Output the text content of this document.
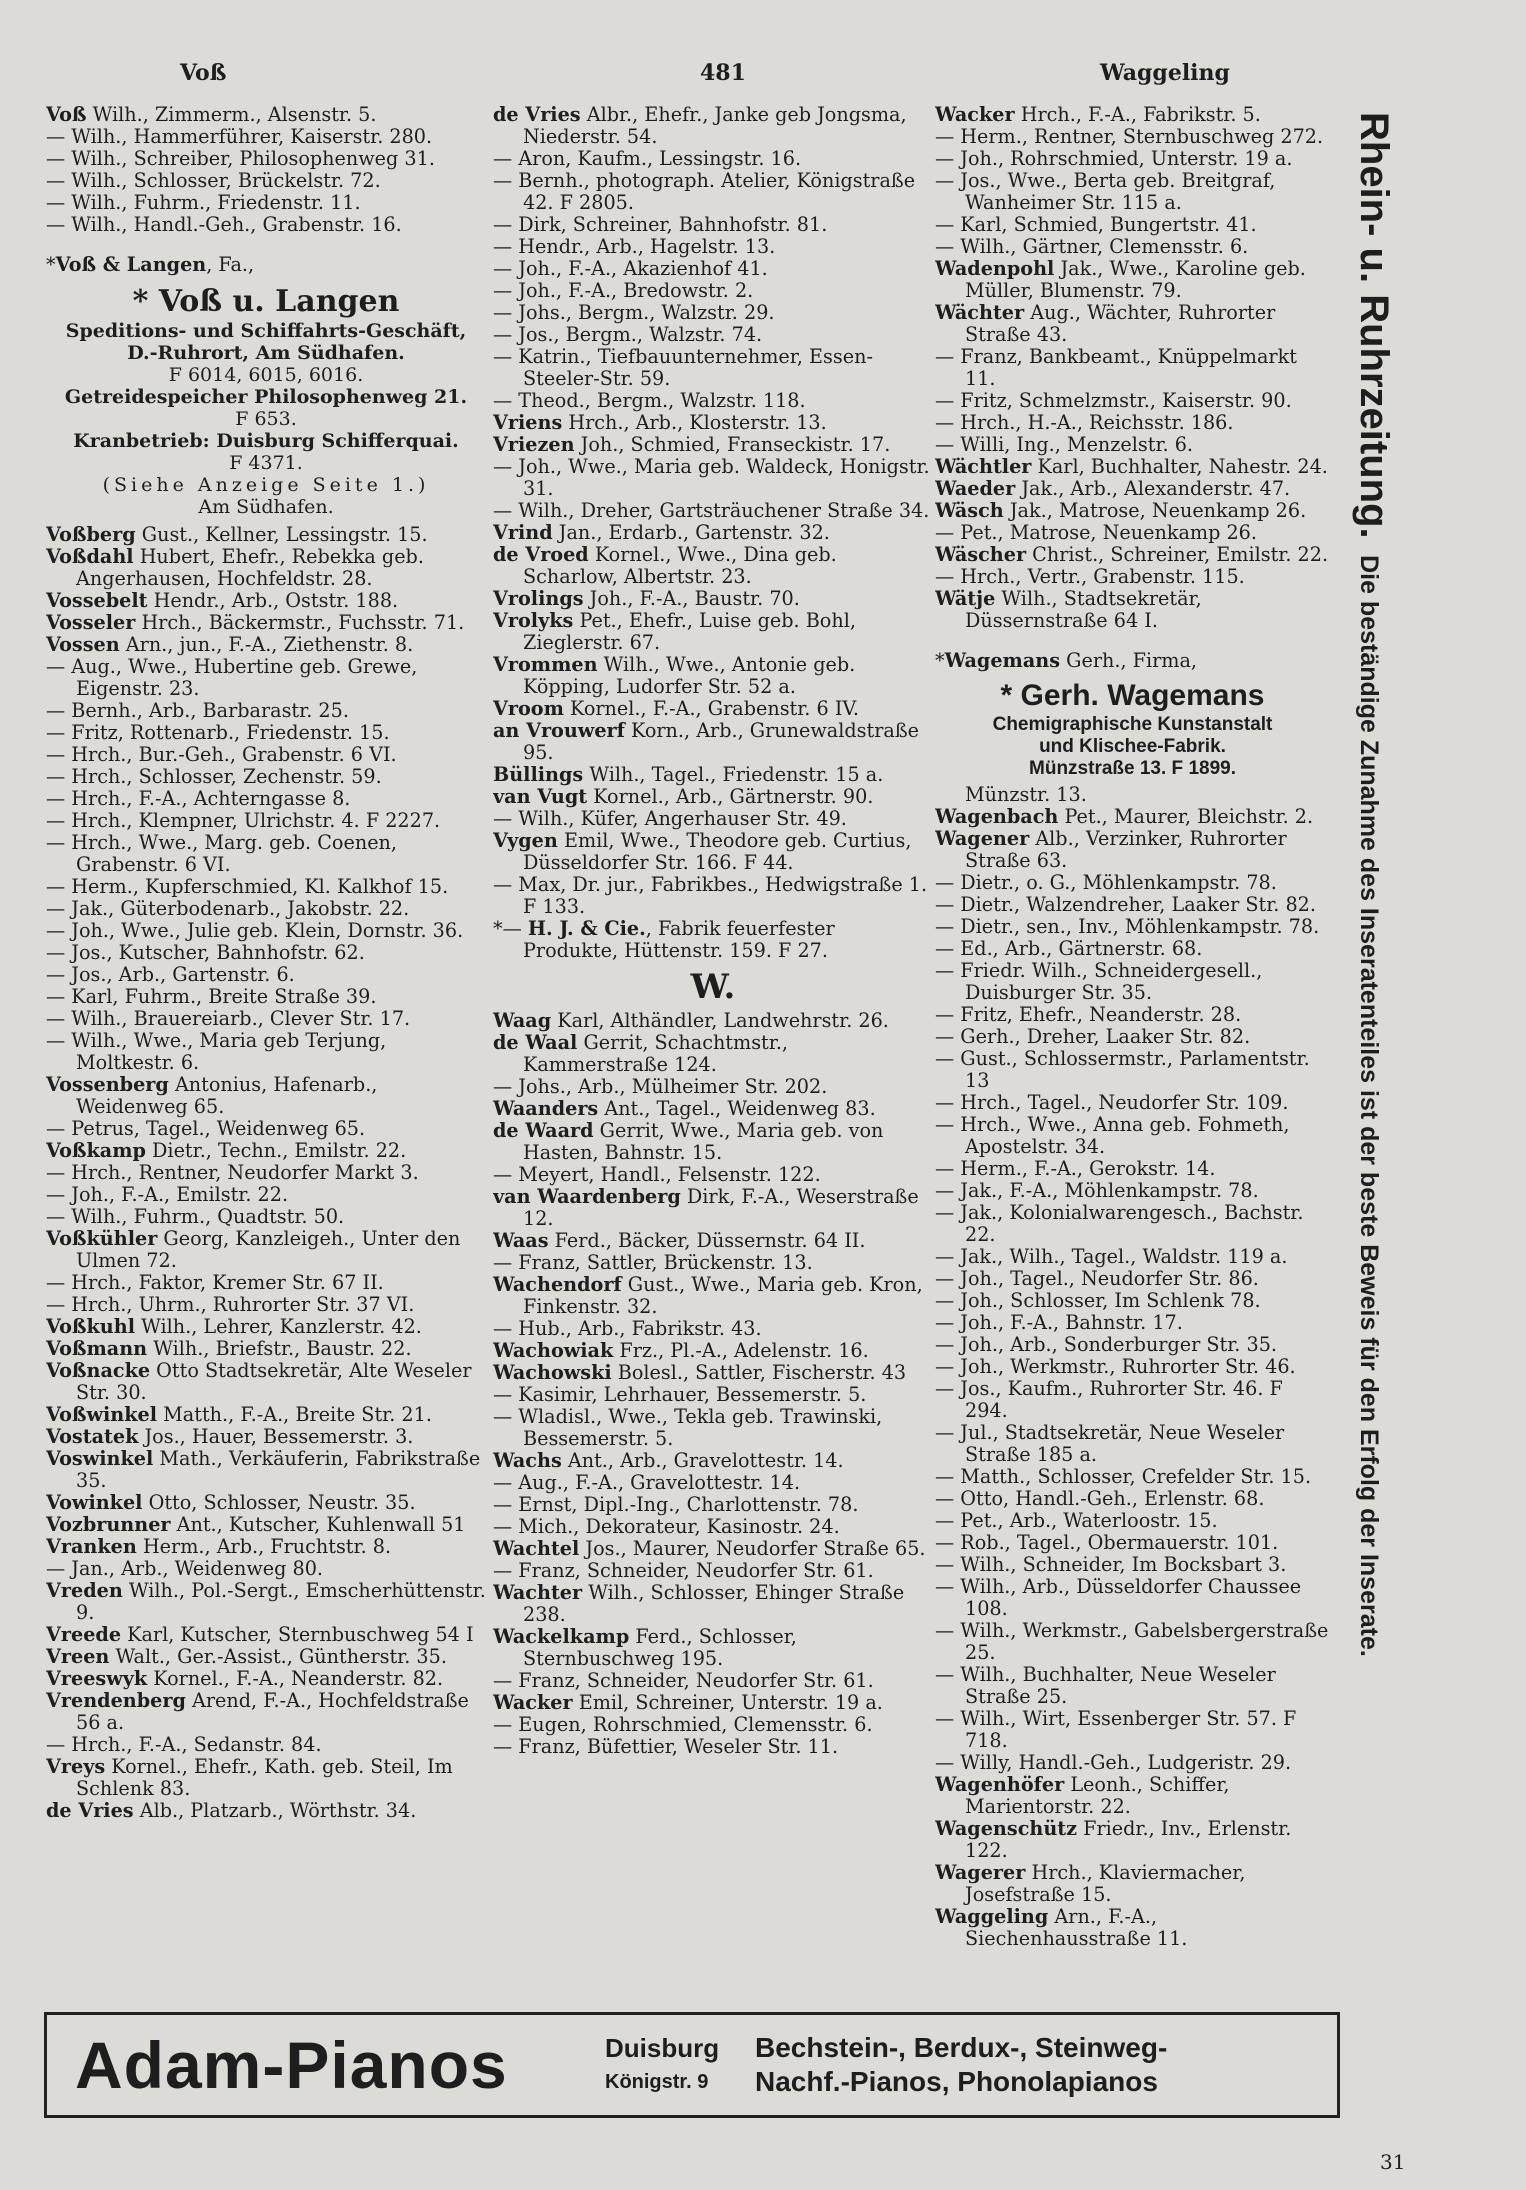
Voß	481	Waggeling

Voß Wilh., Zimmerm., Alsenstr. 5.

— Wilh., Hammerführer, Kaiserstr. 280.

— Wilh., Schreiber, Philosophenweg 31.

— Wilh., Schlosser, Brückelstr. 72.

— Wilh., Fuhrm., Friedenstr. 11.

— Wilh., Handl.-Geh., Grabenstr. 16.

*Voß & Langen, Fa.,

* Voß u. Langen
Speditions- und Schiffahrts-Geschäft,
D.-Ruhrort, Am Südhafen.
F 6014, 6015, 6016.
Getreidespeicher Philosophenweg 21.
F 653.
Kranbetrieb: Duisburg Schifferquai.
F 4371.
(Siehe Anzeige Seite 1.)
Am Südhafen.

Voßberg Gust., Kellner, Lessingstr. 15.

Voßdahl Hubert, Ehefr., Rebekka geb. Angerhausen, Hochfeldstr. 28.

Vossebelt Hendr., Arb., Oststr. 188.

Vosseler Hrch., Bäckermstr., Fuchsstr. 71.

Vossen Arn., jun., F.-A., Ziethenstr. 8.

— Aug., Wwe., Hubertine geb. Grewe, Eigenstr. 23.

— Bernh., Arb., Barbarastr. 25.

— Fritz, Rottenarb., Friedenstr. 15.

— Hrch., Bur.-Geh., Grabenstr. 6 VI.

— Hrch., Schlosser, Zechenstr. 59.

— Hrch., F.-A., Achterngasse 8.

— Hrch., Klempner, Ulrichstr. 4. F 2227.

— Hrch., Wwe., Marg. geb. Coenen, Grabenstr. 6 VI.

— Herm., Kupferschmied, Kl. Kalkhof 15.

— Jak., Güterbodenarb., Jakobstr. 22.

— Joh., Wwe., Julie geb. Klein, Dornstr. 36.

— Jos., Kutscher, Bahnhofstr. 62.

— Jos., Arb., Gartenstr. 6.

— Karl, Fuhrm., Breite Straße 39.

— Wilh., Brauereiarb., Clever Str. 17.

— Wilh., Wwe., Maria geb Terjung, Moltkestr. 6.

Vossenberg Antonius, Hafenarb., Weidenweg 65.

— Petrus, Tagel., Weidenweg 65.

Voßkamp Dietr., Techn., Emilstr. 22.

— Hrch., Rentner, Neudorfer Markt 3.

— Joh., F.-A., Emilstr. 22.

— Wilh., Fuhrm., Quadtstr. 50.

Voßkühler Georg, Kanzleigeh., Unter den Ulmen 72.

— Hrch., Faktor, Kremer Str. 67 II.

— Hrch., Uhrm., Ruhrorter Str. 37 VI.

Voßkuhl Wilh., Lehrer, Kanzlerstr. 42.

Voßmann Wilh., Briefstr., Baustr. 22.

Voßnacke Otto Stadtsekretär, Alte Weseler Str. 30.

Voßwinkel Matth., F.-A., Breite Str. 21.

Vostatek Jos., Hauer, Bessemerstr. 3.

Voswinkel Math., Verkäuferin, Fabrikstraße 35.

Vowinkel Otto, Schlosser, Neustr. 35.

Vozbrunner Ant., Kutscher, Kuhlenwall 51

Vranken Herm., Arb., Fruchtstr. 8.

— Jan., Arb., Weidenweg 80.

Vreden Wilh., Pol.-Sergt., Emscherhüttenstr. 9.

Vreede Karl, Kutscher, Sternbuschweg 54 I

Vreen Walt., Ger.-Assist., Güntherstr. 35.

Vreeswyk Kornel., F.-A., Neanderstr. 82.

Vrendenberg Arend, F.-A., Hochfeldstraße 56 a.

— Hrch., F.-A., Sedanstr. 84.

Vreys Kornel., Ehefr., Kath. geb. Steil, Im Schlenk 83.

de Vries Alb., Platzarb., Wörthstr. 34.

de Vries Albr., Ehefr., Janke geb Jongsma, Niederstr. 54.

— Aron, Kaufm., Lessingstr. 16.

— Bernh., photograph. Atelier, Königstraße 42. F 2805.

— Dirk, Schreiner, Bahnhofstr. 81.

— Hendr., Arb., Hagelstr. 13.

— Joh., F.-A., Akazienhof 41.

— Joh., F.-A., Bredowstr. 2.

— Johs., Bergm., Walzstr. 29.

— Jos., Bergm., Walzstr. 74.

— Katrin., Tiefbauunternehmer, Essen-Steeler-Str. 59.

— Theod., Bergm., Walzstr. 118.

Vriens Hrch., Arb., Klosterstr. 13.

Vriezen Joh., Schmied, Franseckistr. 17.

— Joh., Wwe., Maria geb. Waldeck, Honigstr. 31.

— Wilh., Dreher, Gartsträuchener Straße 34.

Vrind Jan., Erdarb., Gartenstr. 32.

de Vroed Kornel., Wwe., Dina geb. Scharlow, Albertstr. 23.

Vrolings Joh., F.-A., Baustr. 70.

Vrolyks Pet., Ehefr., Luise geb. Bohl, Zieglerstr. 67.

Vrommen Wilh., Wwe., Antonie geb. Köpping, Ludorfer Str. 52 a.

Vroom Kornel., F.-A., Grabenstr. 6 IV.

an Vrouwerf Korn., Arb., Grunewaldstraße 95.

Büllings Wilh., Tagel., Friedenstr. 15 a.

van Vugt Kornel., Arb., Gärtnerstr. 90.

— Wilh., Küfer, Angerhauser Str. 49.

Vygen Emil, Wwe., Theodore geb. Curtius, Düsseldorfer Str. 166. F 44.

— Max, Dr. jur., Fabrikbes., Hedwigstraße 1. F 133.

*— H. J. & Cie., Fabrik feuerfester Produkte, Hüttenstr. 159. F 27.

W.

Waag Karl, Althändler, Landwehrstr. 26.

de Waal Gerrit, Schachtmstr., Kammerstraße 124.

— Johs., Arb., Mülheimer Str. 202.

Waanders Ant., Tagel., Weidenweg 83.

de Waard Gerrit, Wwe., Maria geb. von Hasten, Bahnstr. 15.

— Meyert, Handl., Felsenstr. 122.

van Waardenberg Dirk, F.-A., Weserstraße 12.

Waas Ferd., Bäcker, Düssernstr. 64 II.

— Franz, Sattler, Brückenstr. 13.

Wachendorf Gust., Wwe., Maria geb. Kron, Finkenstr. 32.

— Hub., Arb., Fabrikstr. 43.

Wachowiak Frz., Pl.-A., Adelenstr. 16.

Wachowski Bolesl., Sattler, Fischerstr. 43

— Kasimir, Lehrhauer, Bessemerstr. 5.

— Wladisl., Wwe., Tekla geb. Trawinski, Bessemerstr. 5.

Wachs Ant., Arb., Gravelottestr. 14.

— Aug., F.-A., Gravelottestr. 14.

— Ernst, Dipl.-Ing., Charlottenstr. 78.

— Mich., Dekorateur, Kasinostr. 24.

Wachtel Jos., Maurer, Neudorfer Straße 65.

— Franz, Schneider, Neudorfer Str. 61.

Wachter Wilh., Schlosser, Ehinger Straße 238.

Wackelkamp Ferd., Schlosser, Sternbuschweg 195.

— Franz, Schneider, Neudorfer Str. 61.

Wacker Emil, Schreiner, Unterstr. 19 a.

— Eugen, Rohrschmied, Clemensstr. 6.

— Franz, Büfettier, Weseler Str. 11.

Wacker Hrch., F.-A., Fabrikstr. 5.

— Herm., Rentner, Sternbuschweg 272.

— Joh., Rohrschmied, Unterstr. 19 a.

— Jos., Wwe., Berta geb. Breitgraf, Wanheimer Str. 115 a.

— Karl, Schmied, Bungertstr. 41.

— Wilh., Gärtner, Clemensstr. 6.

Wadenpohl Jak., Wwe., Karoline geb. Müller, Blumenstr. 79.

Wächter Aug., Wächter, Ruhrorter Straße 43.

— Franz, Bankbeamt., Knüppelmarkt 11.

— Fritz, Schmelzmstr., Kaiserstr. 90.

— Hrch., H.-A., Reichsstr. 186.

— Willi, Ing., Menzelstr. 6.

Wächtler Karl, Buchhalter, Nahestr. 24.

Waeder Jak., Arb., Alexanderstr. 47.

Wäsch Jak., Matrose, Neuenkamp 26.

— Pet., Matrose, Neuenkamp 26.

Wäscher Christ., Schreiner, Emilstr. 22.

— Hrch., Vertr., Grabenstr. 115.

Wätje Wilh., Stadtsekretär, Düssernstraße 64 I.

*Wagemans Gerh., Firma,

* Gerh. Wagemans
Chemigraphische Kunstanstalt
und Klischee-Fabrik.
Münzstraße 13. F 1899.

Münzstr. 13.

Wagenbach Pet., Maurer, Bleichstr. 2.

Wagener Alb., Verzinker, Ruhrorter Straße 63.

— Dietr., o. G., Möhlenkampstr. 78.

— Dietr., Walzendreher, Laaker Str. 82.

— Dietr., sen., Inv., Möhlenkampstr. 78.

— Ed., Arb., Gärtnerstr. 68.

— Friedr. Wilh., Schneidergesell., Duisburger Str. 35.

— Fritz, Ehefr., Neanderstr. 28.

— Gerh., Dreher, Laaker Str. 82.

— Gust., Schlossermstr., Parlamentstr. 13

— Hrch., Tagel., Neudorfer Str. 109.

— Hrch., Wwe., Anna geb. Fohmeth, Apostelstr. 34.

— Herm., F.-A., Gerokstr. 14.

— Jak., F.-A., Möhlenkampstr. 78.

— Jak., Kolonialwarengesch., Bachstr. 22.

— Jak., Wilh., Tagel., Waldstr. 119 a.

— Joh., Tagel., Neudorfer Str. 86.

— Joh., Schlosser, Im Schlenk 78.

— Joh., F.-A., Bahnstr. 17.

— Joh., Arb., Sonderburger Str. 35.

— Joh., Werkmstr., Ruhrorter Str. 46.

— Jos., Kaufm., Ruhrorter Str. 46. F 294.

— Jul., Stadtsekretär, Neue Weseler Straße 185 a.

— Matth., Schlosser, Crefelder Str. 15.

— Otto, Handl.-Geh., Erlenstr. 68.

— Pet., Arb., Waterloostr. 15.

— Rob., Tagel., Obermauerstr. 101.

— Wilh., Schneider, Im Bocksbart 3.

— Wilh., Arb., Düsseldorfer Chaussee 108.

— Wilh., Werkmstr., Gabelsbergerstraße 25.

— Wilh., Buchhalter, Neue Weseler Straße 25.

— Wilh., Wirt, Essenberger Str. 57. F 718.

— Willy, Handl.-Geh., Ludgeristr. 29.

Wagenhöfer Leonh., Schiffer, Marientorstr. 22.

Wagenschütz Friedr., Inv., Erlenstr. 122.

Wagerer Hrch., Klaviermacher, Josefstraße 15.

Waggeling Arn., F.-A., Siechenhausstraße 11.

Rhein- u. Ruhrzeitung. Die beständige Zunahme des Inseratenteiles ist der beste Beweis für den Erfolg der Inserate.
Adam-Pianos	Duisburg
Königstr. 9
Bechstein-, Berdux-, Steinweg-
Nachf.-Pianos, Phonolapianos
31
